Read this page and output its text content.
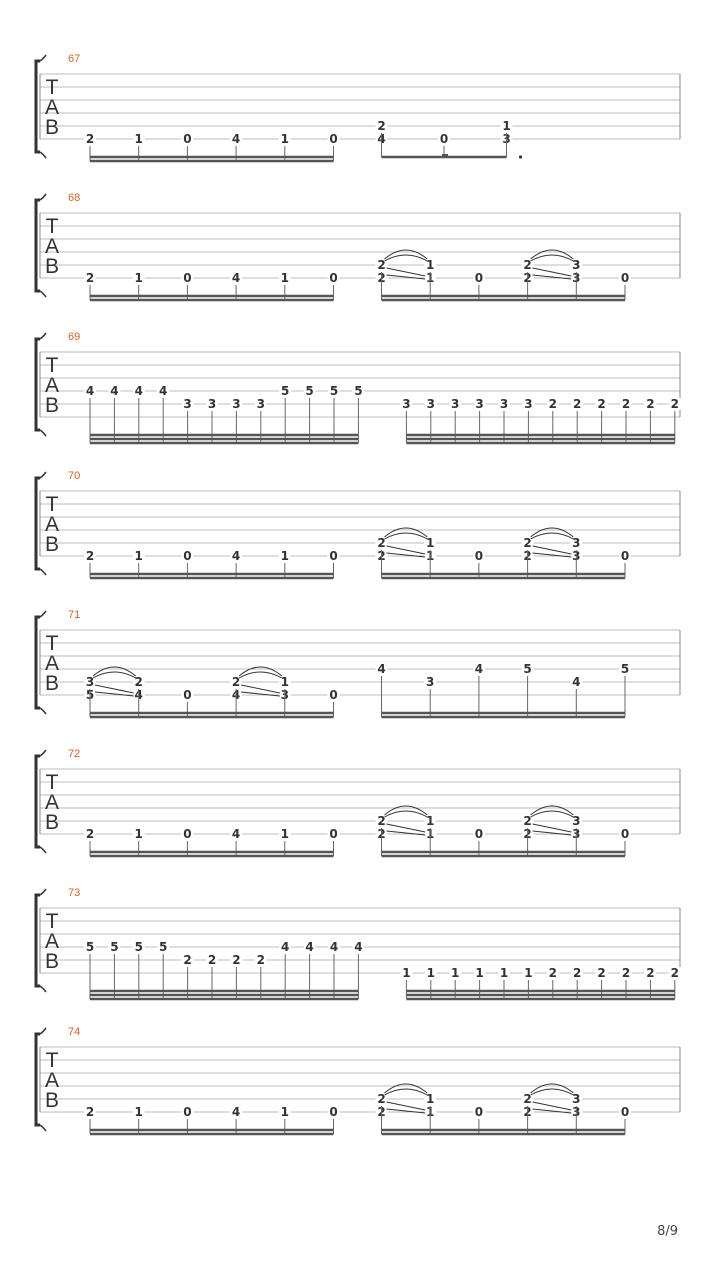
T
A
B
67
2	1	0	4	1	0
2
4	0
1
3
T
A
B
68
2	1	0	4	1	0
2
2
1
1	0
2
2
3
3	0
T
A
B
69
4 4 4 4
3 3 3 3
5 5 5 5
3 3 3 3 3 3 2 2 2 2 2 2
T
A
B
70
2	1	0	4	1	0
2
2
1
1	0
2
2
3
3	0
T
A
B
71
3
5
2
4	0
2
4
1
3	0
4
3
4	5
4
5
T
A
B
72
2	1	0	4	1	0
2
2
1
1	0
2
2
3
3	0
T
A
B
73
5 5 5 5
2 2 2 2
4 4 4 4
1 1 1 1 1 1 2 2 2 2 2 2
T
A
B
74
2	1	0	4	1	0
2
2
1
1	0
2
2
3
3	0
8/9
